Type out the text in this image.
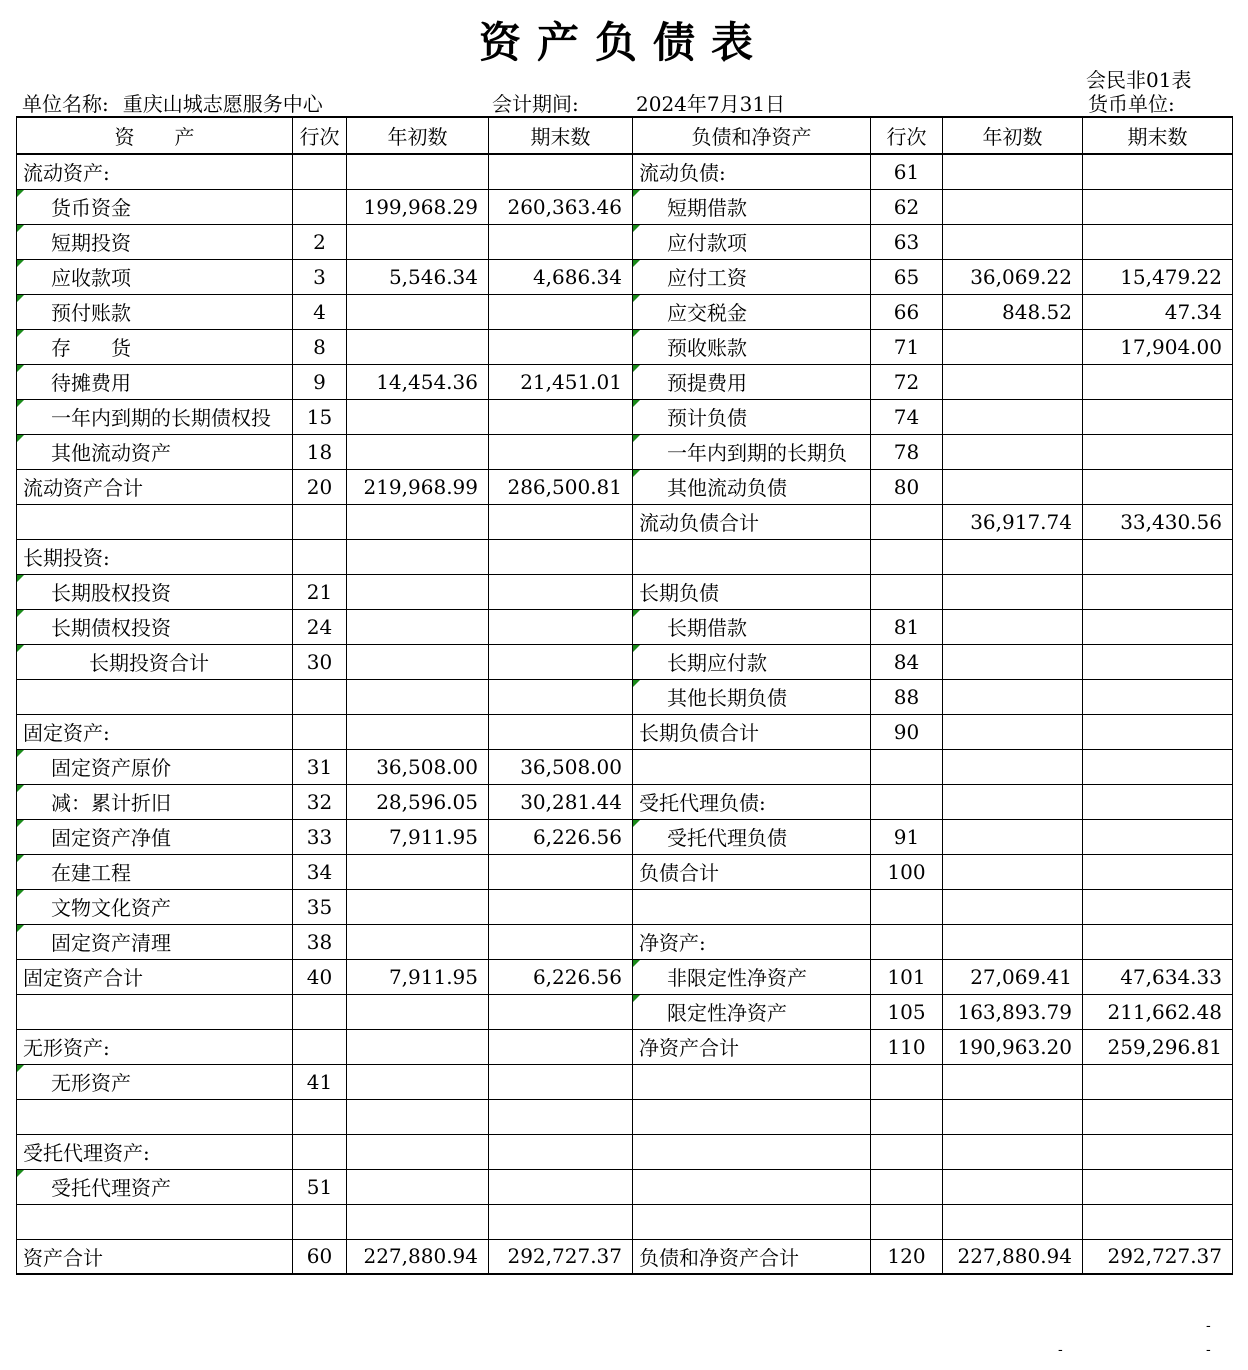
资产负债表
会民非01表
单位名称: 重庆山城志愿服务中心	会计期间:	2024年7月31日	货币单位:
资　　产	行次	年初数	期末数	负债和净资产	行次	年初数	期末数
流动资产:				流动负债:	61		
货币资金		199,968.29	260,363.46	短期借款	62		
短期投资	2			应付款项	63		
应收款项	3	5,546.34	4,686.34	应付工资	65	36,069.22	15,479.22
预付账款	4			应交税金	66	848.52	47.34
存　　货	8			预收账款	71		17,904.00
待摊费用	9	14,454.36	21,451.01	预提费用	72		
一年内到期的长期债权投	15			预计负债	74		
其他流动资产	18			一年内到期的长期负	78		
流动资产合计	20	219,968.99	286,500.81	其他流动负债	80		
				流动负债合计		36,917.74	33,430.56
长期投资:							
长期股权投资	21			长期负债			
长期债权投资	24			长期借款	81		
长期投资合计	30			长期应付款	84		
				其他长期负债	88		
固定资产:				长期负债合计	90		
固定资产原价	31	36,508.00	36,508.00				
减：累计折旧	32	28,596.05	30,281.44	受托代理负债:			
固定资产净值	33	7,911.95	6,226.56	受托代理负债	91		
在建工程	34			负债合计	100		
文物文化资产	35						
固定资产清理	38			净资产:			
固定资产合计	40	7,911.95	6,226.56	非限定性净资产	101	27,069.41	47,634.33
				限定性净资产	105	163,893.79	211,662.48
无形资产:				净资产合计	110	190,963.20	259,296.81
无形资产	41						

受托代理资产:							
受托代理资产	51						

资产合计	60	227,880.94	292,727.37	负债和净资产合计	120	227,880.94	292,727.37
-
-	-
